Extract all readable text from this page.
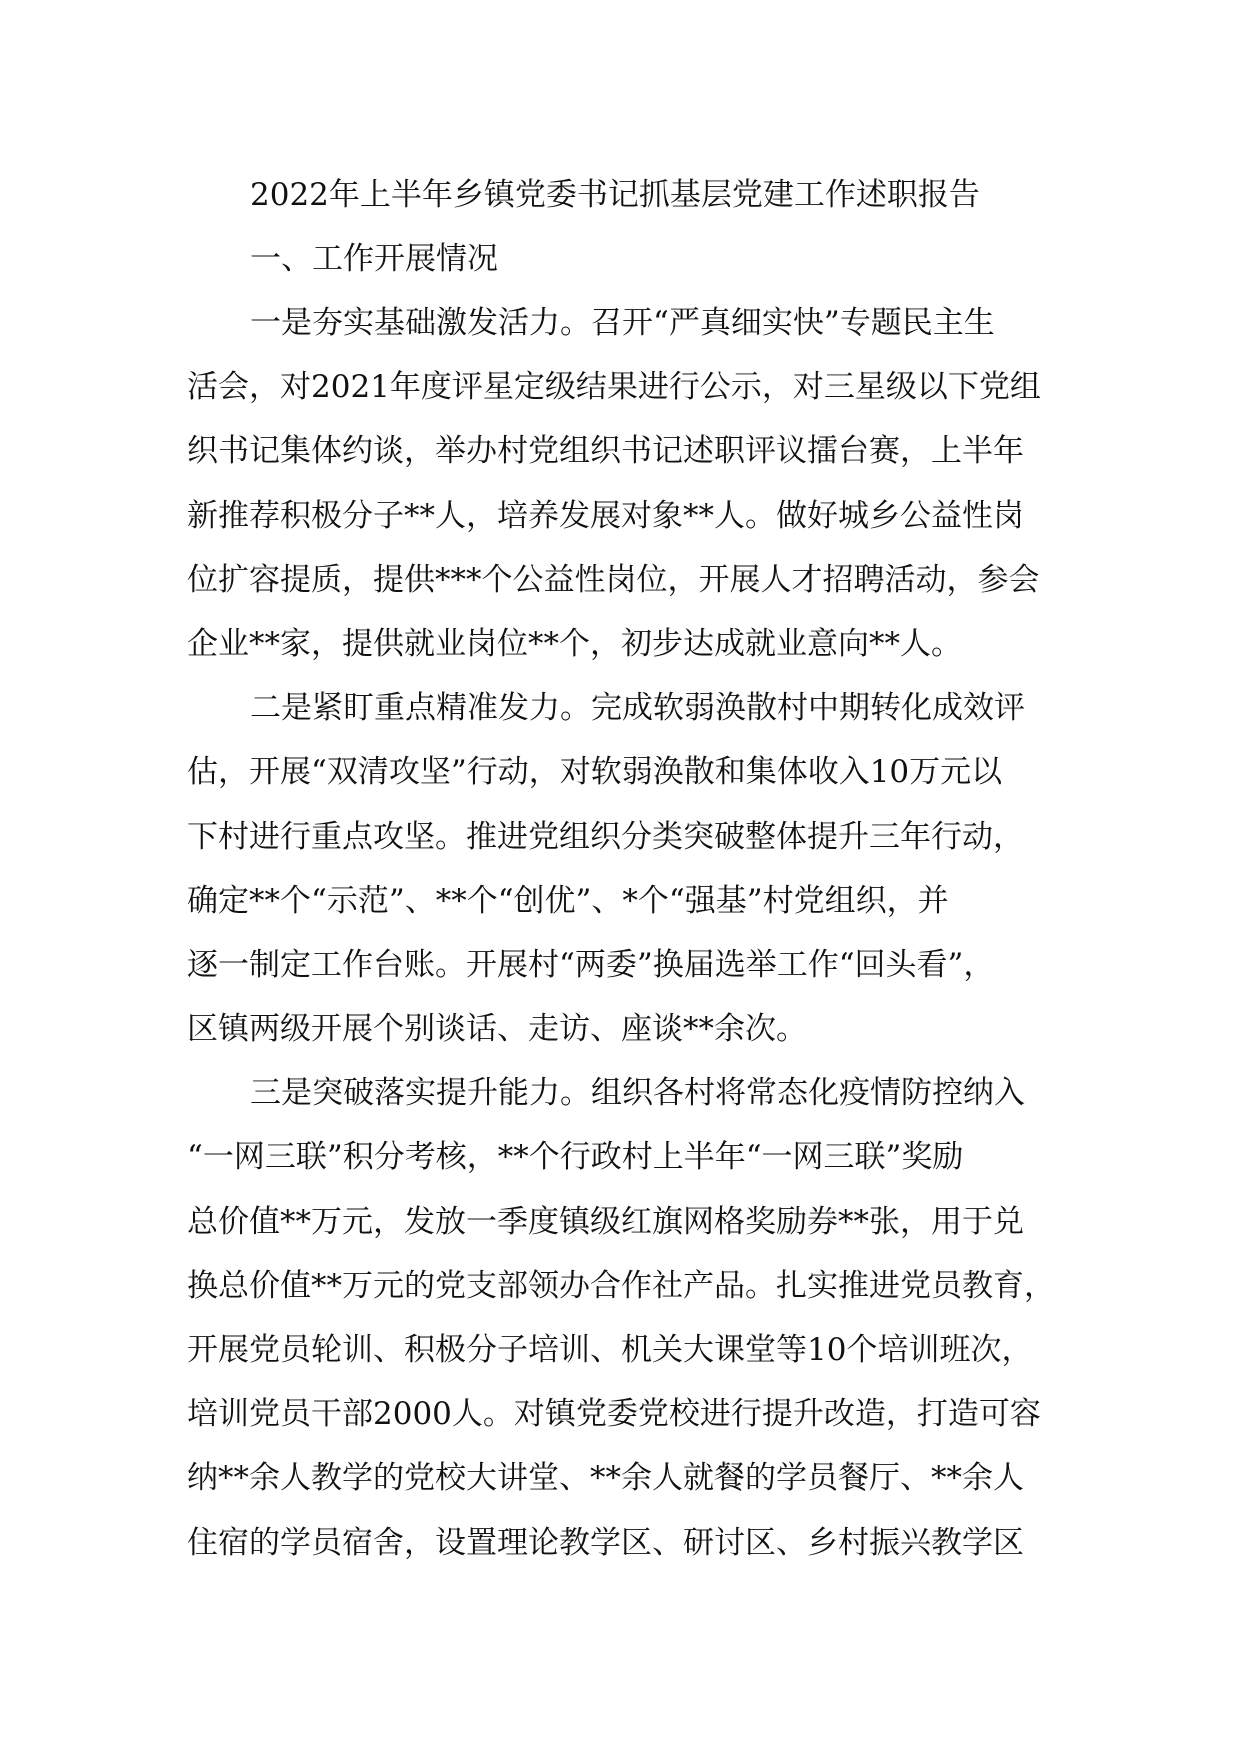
2022年上半年乡镇党委书记抓基层党建工作述职报告
一、工作开展情况

一是夯实基础激发活力。召开“严真细实快”专题民主生
活会，对2021年度评星定级结果进行公示，对三星级以下党组
织书记集体约谈，举办村党组织书记述职评议擂台赛，上半年
新推荐积极分子**人，培养发展对象**人。做好城乡公益性岗
位扩容提质，提供***个公益性岗位，开展人才招聘活动，参会
企业**家，提供就业岗位**个，初步达成就业意向**人。

二是紧盯重点精准发力。完成软弱涣散村中期转化成效评
估，开展“双清攻坚”行动，对软弱涣散和集体收入10万元以
下村进行重点攻坚。推进党组织分类突破整体提升三年行动，
确定**个“示范”、**个“创优”、*个“强基”村党组织，并
逐一制定工作台账。开展村“两委”换届选举工作“回头看”，
区镇两级开展个别谈话、走访、座谈**余次。

三是突破落实提升能力。组织各村将常态化疫情防控纳入
“一网三联”积分考核，**个行政村上半年“一网三联”奖励
总价值**万元，发放一季度镇级红旗网格奖励券**张，用于兑
换总价值**万元的党支部领办合作社产品。扎实推进党员教育，
开展党员轮训、积极分子培训、机关大课堂等10个培训班次，
培训党员干部2000人。对镇党委党校进行提升改造，打造可容
纳**余人教学的党校大讲堂、**余人就餐的学员餐厅、**余人
住宿的学员宿舍，设置理论教学区、研讨区、乡村振兴教学区
